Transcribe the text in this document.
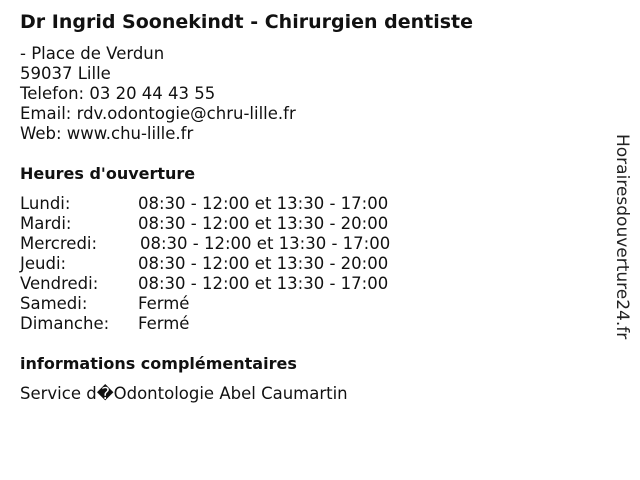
Dr Ingrid Soonekindt - Chirurgien dentiste
- Place de Verdun
59037 Lille
Telefon: 03 20 44 43 55
Email: rdv.odontogie@chru-lille.fr
Web: www.chu-lille.fr
Heures d'ouverture
Lundi:	08:30 - 12:00 et 13:30 - 17:00
Mardi:	08:30 - 12:00 et 13:30 - 20:00
Mercredi:	08:30 - 12:00 et 13:30 - 17:00
Jeudi:	08:30 - 12:00 et 13:30 - 20:00
Vendredi: 08:30 - 12:00 et 13:30 - 17:00
Samedi:	Fermé
Dimanche: Fermé
informations complémentaires
Service d�Odontologie Abel Caumartin
Horairesdouverture24.fr
